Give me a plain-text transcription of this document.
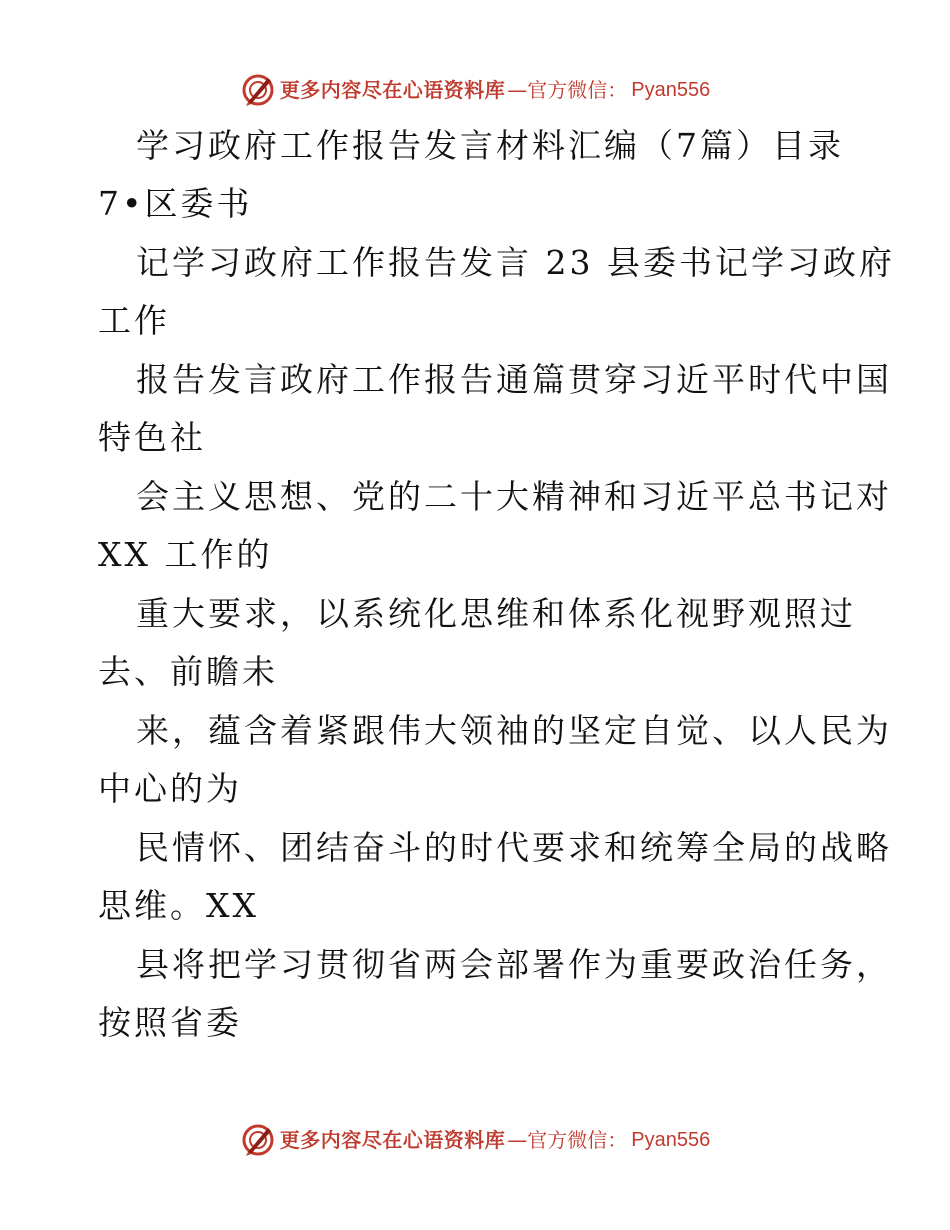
更多内容尽在心语资料库 —官方微信： Pyan556
学习政府工作报告发言材料汇编（7篇）目录
7•区委书
记学习政府工作报告发言 23 县委书记学习政府
工作
报告发言政府工作报告通篇贯穿习近平时代中国
特色社
会主义思想、党的二十大精神和习近平总书记对
XX 工作的
重大要求，以系统化思维和体系化视野观照过
去、前瞻未
来，蕴含着紧跟伟大领袖的坚定自觉、以人民为
中心的为
民情怀、团结奋斗的时代要求和统筹全局的战略
思维。XX
县将把学习贯彻省两会部署作为重要政治任务，
按照省委
更多内容尽在心语资料库 —官方微信： Pyan556
